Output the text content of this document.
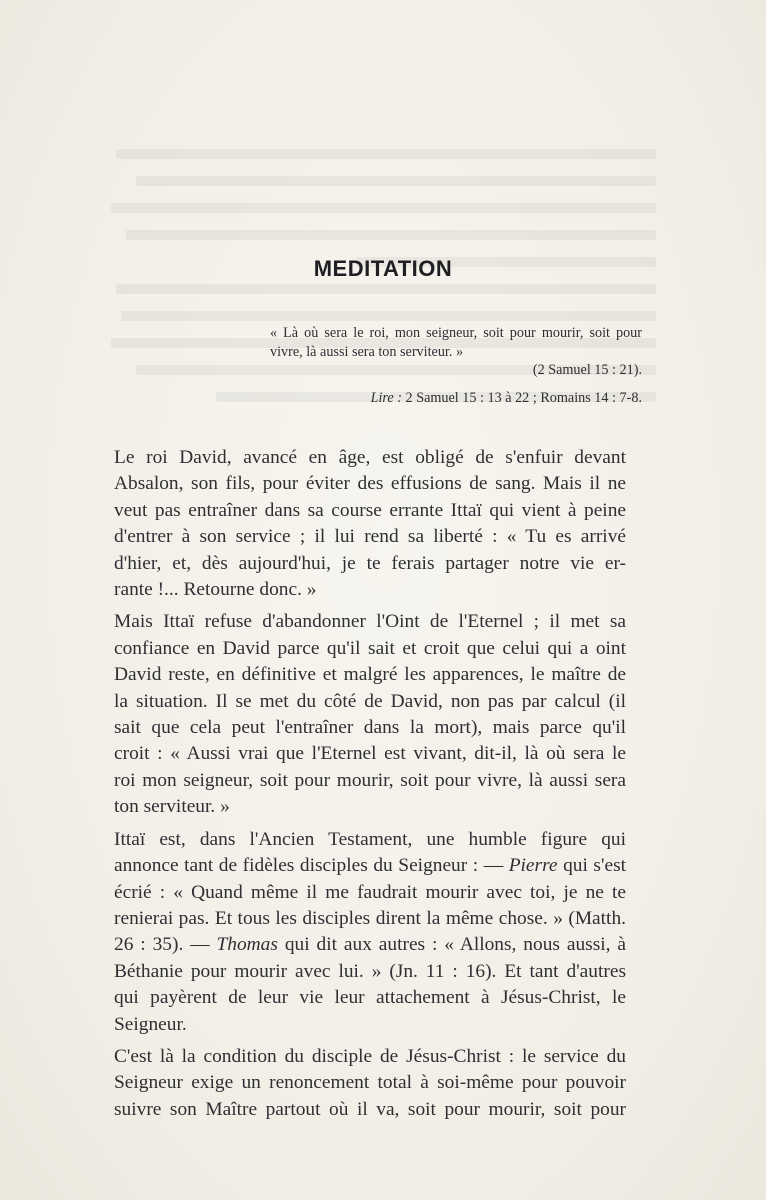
MEDITATION
« Là où sera le roi, mon seigneur, soit pour mourir, soit pour vivre, là aussi sera ton serviteur. »
(2 Samuel 15 : 21).
Lire : 2 Samuel 15 : 13 à 22 ; Romains 14 : 7-8.
Le roi David, avancé en âge, est obligé de s'enfuir devant
Absalon, son fils, pour éviter des effusions de sang. Mais il ne
veut pas entraîner dans sa course errante Ittaï qui vient à peine
d'entrer à son service ; il lui rend sa liberté : « Tu es arrivé
d'hier, et, dès aujourd'hui, je te ferais partager notre vie er-
rante !... Retourne donc. »
Mais Ittaï refuse d'abandonner l'Oint de l'Eternel ; il met sa
confiance en David parce qu'il sait et croit que celui qui a oint
David reste, en définitive et malgré les apparences, le maître de
la situation. Il se met du côté de David, non pas par calcul (il
sait que cela peut l'entraîner dans la mort), mais parce qu'il
croit : « Aussi vrai que l'Eternel est vivant, dit-il, là où sera le
roi mon seigneur, soit pour mourir, soit pour vivre, là aussi sera
ton serviteur. »
Ittaï est, dans l'Ancien Testament, une humble figure qui
annonce tant de fidèles disciples du Seigneur : — Pierre qui s'est
écrié : « Quand même il me faudrait mourir avec toi, je ne te
renierai pas. Et tous les disciples dirent la même chose. » (Matth.
26 : 35). — Thomas qui dit aux autres : « Allons, nous aussi, à
Béthanie pour mourir avec lui. » (Jn. 11 : 16). Et tant d'autres
qui payèrent de leur vie leur attachement à Jésus-Christ, le
Seigneur.
C'est là la condition du disciple de Jésus-Christ : le service du
Seigneur exige un renoncement total à soi-même pour pouvoir
suivre son Maître partout où il va, soit pour mourir, soit pour
